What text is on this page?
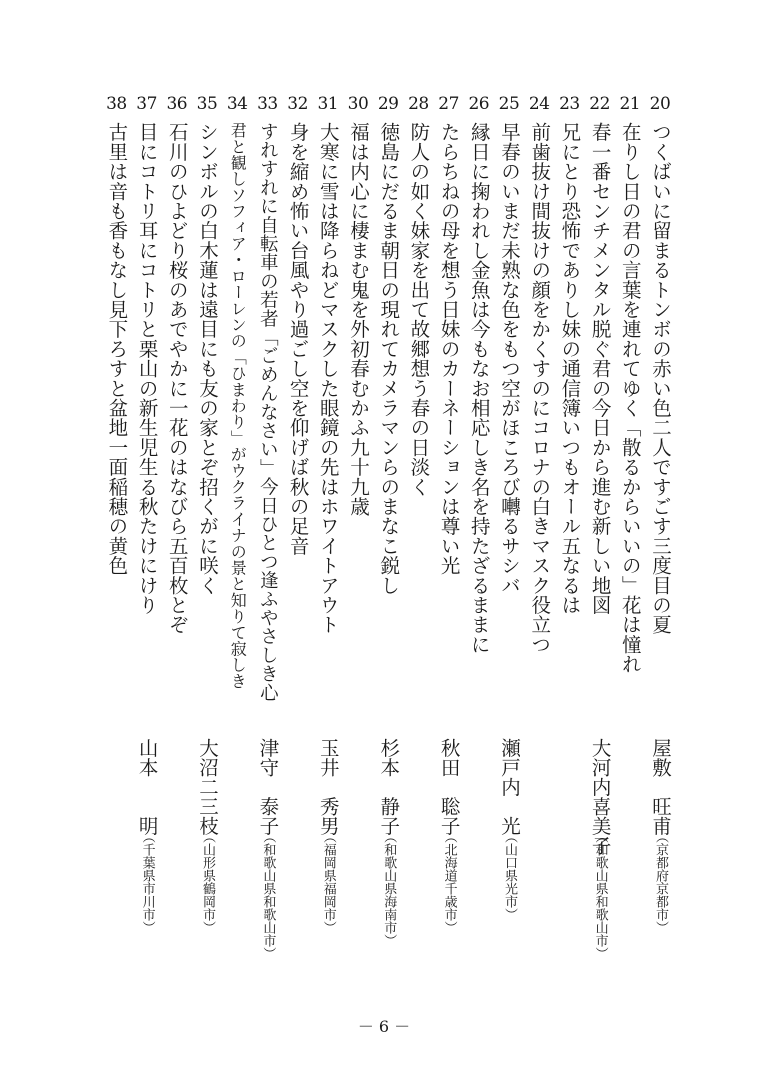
20
つくばいに留まるトンボの赤い色二人ですごす三度目の夏
屋敷　旺甫
（京都府京都市）
21
在りし日の君の言葉を連れてゆく「散るからいいの」花は憧れ
22
春一番センチメンタル脱ぐ君の今日から進む新しい地図
大河内喜美子
（和歌山県和歌山市）
23
兄にとり恐怖でありし妹の通信簿いつもオール五なるは
24
前歯抜け間抜けの顔をかくすのにコロナの白きマスク役立つ
25
早春のいまだ未熟な色をもつ空がほころび囀るサシバ
瀬戸内　光
（山口県光市）
26
縁日に掬われし金魚は今もなお相応しき名を持たざるままに
27
たらちねの母を想う日妹のカーネーションは尊い光
秋田　聡子
（北海道千歳市）
28
防人の如く妹家を出て故郷想う春の日淡く
29
徳島にだるま朝日の現れてカメラマンらのまなこ鋭し
杉本　静子
（和歌山県海南市）
30
福は内心に棲まむ鬼を外初春むかふ九十九歳
31
大寒に雪は降らねどマスクした眼鏡の先はホワイトアウト
玉井　秀男
（福岡県福岡市）
32
身を縮め怖い台風やり過ごし空を仰げば秋の足音
33
すれすれに自転車の若者「ごめんなさい」今日ひとつ逢ふやさしき心
津守　泰子
（和歌山県和歌山市）
34
君と観しソフィア・ローレンの「ひまわり」がウクライナの景と知りて寂しき
35
シンボルの白木蓮は遠目にも友の家とぞ招くがに咲く
大沼二三枝
（山形県鶴岡市）
36
石川のひよどり桜のあでやかに一花のはなびら五百枚とぞ
37
目にコトリ耳にコトリと栗山の新生児生る秋たけにけり
山本　　明
（千葉県市川市）
38
古里は音も香もなし見下ろすと盆地一面稲穂の黄色
－ 6 －
